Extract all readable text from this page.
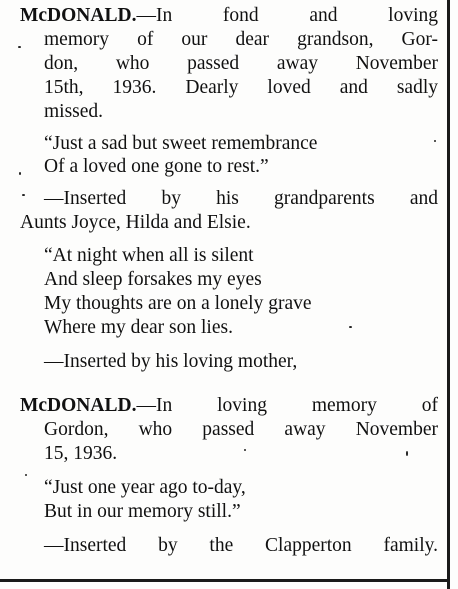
McDONALD.—In fond and loving
memory of our dear grandson, Gor-
don, who passed away November
15th, 1936. Dearly loved and sadly
missed.
“Just a sad but sweet remembrance
Of a loved one gone to rest.”
—Inserted by his grandparents and
Aunts Joyce, Hilda and Elsie.
“At night when all is silent
And sleep forsakes my eyes
My thoughts are on a lonely grave
Where my dear son lies.
—Inserted by his loving mother,
McDONALD.—In loving memory of
Gordon, who passed away November
15, 1936.
“Just one year ago to-day,
But in our memory still.”
—Inserted by the Clapperton family.
